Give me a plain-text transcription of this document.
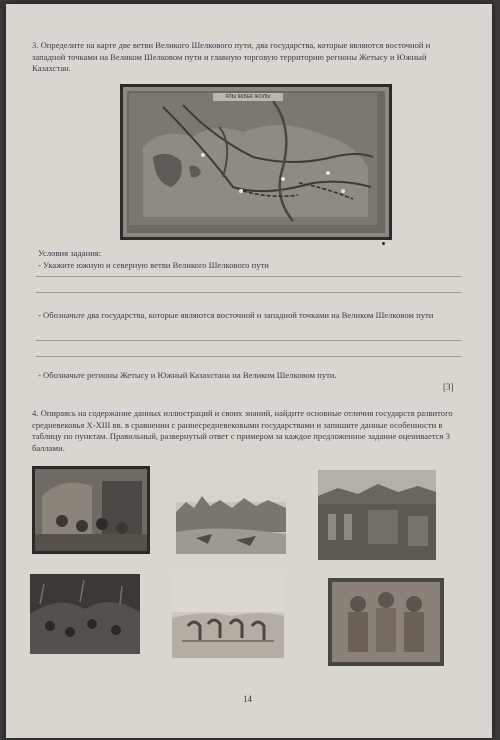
3. Определите на карте две ветви Великого Шелкового пути, два государства, которые являются восточной и западной точками на Великом Шелковом пути и главную торговую территорию регионы Жетысу и Южный Казахстан.
ҰЛЫ ЖІБЕК ЖОЛЫ
Условия задания:
- Укажите южную и северную ветви Великого Шелкового пути
- Обозначьте два государства, которые являются восточной и западной точками на Великом Шелковом пути
- Обозначьте регионы Жетысу и Южный Казахстана на Великом Шелковом пути.
[3]
4. Опираясь на содержание данных иллюстраций и своих знаний, найдите основные отличия государств развитого средневековья X-XIII вв. в сравнении с раннесредневековыми государствами и запишите данные особенности в таблицу по пунктам. Правильный, развернутый ответ с примером за каждое предложенное задание оценивается 3 баллами.
14
